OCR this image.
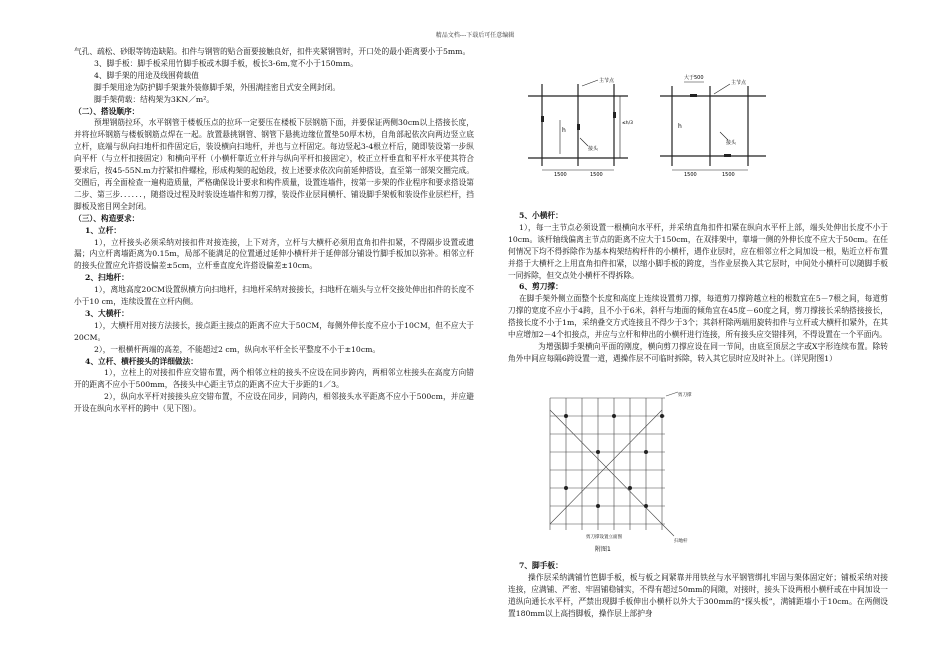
精品文档---下载后可任意编辑

气孔、疏松、砂眼等铸造缺陷。扣件与钢管的贴合面要接触良好，扣件夹紧钢管时，开口处的最小距离要小于5mm。

3、脚手板：脚手板采用竹脚手板或木脚手板，板长3-6m,宽不小于150mm。

4、脚手架的用途及线围荷载值

脚手架用途为防护脚手架兼外装修脚手架，外围满挂密目式安全网封闭。

脚手架荷载：结构架为3KN／m²。

（二）、搭设顺序：

预埋钢筋拉环，水平钢管于楼板压点的拉环一定要压在楼板下层钢筋下面，并要保证两侧30cm以上搭接长度，并将拉环钢筋与楼板钢筋点焊在一起。放置悬挑钢管、钢管下悬挑边缘位置垫50厚木枋，自角部起依次向两边竖立底立杆，底端与纵向扫地杆扣件固定后，装设横向扫地杆，并也与立杆固定。每边竖起3-4根立杆后，随即装设第一步纵向平杆（与立杆扣接固定）和横向平杆（小横杆靠近立杆并与纵向平杆扣接固定），校正立杆垂直和平杆水平使其符合要求后，按45-55N.m力拧紧扣件螺栓，形成构架的起始段，按上述要求依次向前延伸搭设，直至第一部架交圈完成。交圈后，再全面检查一遍构造质量，严格确保设计要求和构件质量，设置连墙件，按第一步架的作业程序和要求搭设第二步、第三步．．．．．．，随搭设过程及时装设连墙件和剪刀撑，装设作业层间横杆、铺设脚手架板和装设作业层栏杆，挡脚板及密目网全封闭。

（三）、构造要求：

1、立杆：

1），立杆接头必须采纳对接扣件对接连接，上下对齐，立杆与大横杆必须用直角扣件扣紧，不得隔步设置或遗漏；内立杆离墙距离为0.15m，局部不能满足的位置通过延伸小横杆并于延伸部分铺设竹脚手板加以弥补。相邻立杆的接头位置应允许搭设偏差±5cm，立杆垂直度允许搭设偏差±10cm。

2、扫地杆：

1），离地高度20CM设置纵横方向扫地杆，扫地杆采纳对接接长，扫地杆在端头与立杆交接处伸出扣件的长度不小于10 cm，连续设置在立杆内侧。

3、大横杆：

1），大横杆用对接方法接长，接点距主接点的距离不应大于50CM，每侧外伸长度不应小于10CM，但不应大于20CM。

2），一根横杆两端的高差，不能超过2 cm，纵向水平杆全长平整度不小于±10cm。

4、立杆、横杆接头的详细做法：

1），立柱上的对接扣件应交错布置，两个相邻立柱的接头不应设在同步跨内，两相邻立柱接头在高度方向错开的距离不应小于500mm，各接头中心距主节点的距离不应大于步距的1／3。

2），纵向水平杆对接接头应交错布置，不应设在同步，同跨内，相邻接头水平距离不应小于500cm，并应避开设在纵向水平杆的跨中（见下图）。

5、小横杆：

1），每一主节点必须设置一根横向水平杆，并采纳直角扣件扣紧在纵向水平杆上部，端头处伸出长度不小于10cm。该杆轴线偏离主节点的距离不应大于150cm，在双排架中，靠墙一侧的外伸长度不应大于50cm。在任何情况下均不得拆除作为基本构架结构杆件的小横杆，遇作业层时，应在相邻立杆之间加设一根，贴近立杆布置并搭于大横杆之上用直角扣件扣紧，以缩小脚手板的跨度，当作业层换入其它层时，中间处小横杆可以随脚手板一同拆除，但交点处小横杆不得拆除。

6、剪刀撑：

在脚手架外侧立面整个长度和高度上连续设置剪刀撑，每道剪刀撑跨越立柱的根数宜在5－7根之间，每道剪刀撑的宽度不应小于4跨，且不小于6米，斜杆与地面的倾角宜在45度－60度之间，剪刀撑接长采纳搭接接长，搭接长度不小于1m，采纳叠交方式连接且不得少于3个；其斜杆除两端用旋转扣件与立杆或大横杆扣紧外，在其中应增加2－4个扣接点，并应与立杆和伸出的小横杆进行连接，所有接头应交错排列，不得设置在一个平面内。

为增强脚手架横向平面的刚度，横向剪刀撑应设在同一节间，由底至顶层之字或X字形连续布置。除转角外中间应每隔6跨设置一道，遇操作层不可临时拆除，转入其它层时应及时补上。（详见附图1）

7、脚手板：

操作层采纳满铺竹笆脚手板，板与板之间紧靠并用铁丝与水平钢管绑扎牢固与架体固定好；铺板采纳对接连接，应满铺、严密、牢固铺稳铺实，不得有超过50mm的间隙，对接时，接头下设两根小横杆或在中间加设一道纵向通长水平杆，严禁出现脚手板伸出小横杆以外大于300mm的“探头板”，满铺距墙小于10cm。在两侧设置180mm以上高挡脚板，操作层上部护身

主节点
接头
1500	1500
h
≤h/3
大于500
主节点
接头
1500	1500
h
剪刀撑
剪刀撑设置立面图
扫地杆
附图1
